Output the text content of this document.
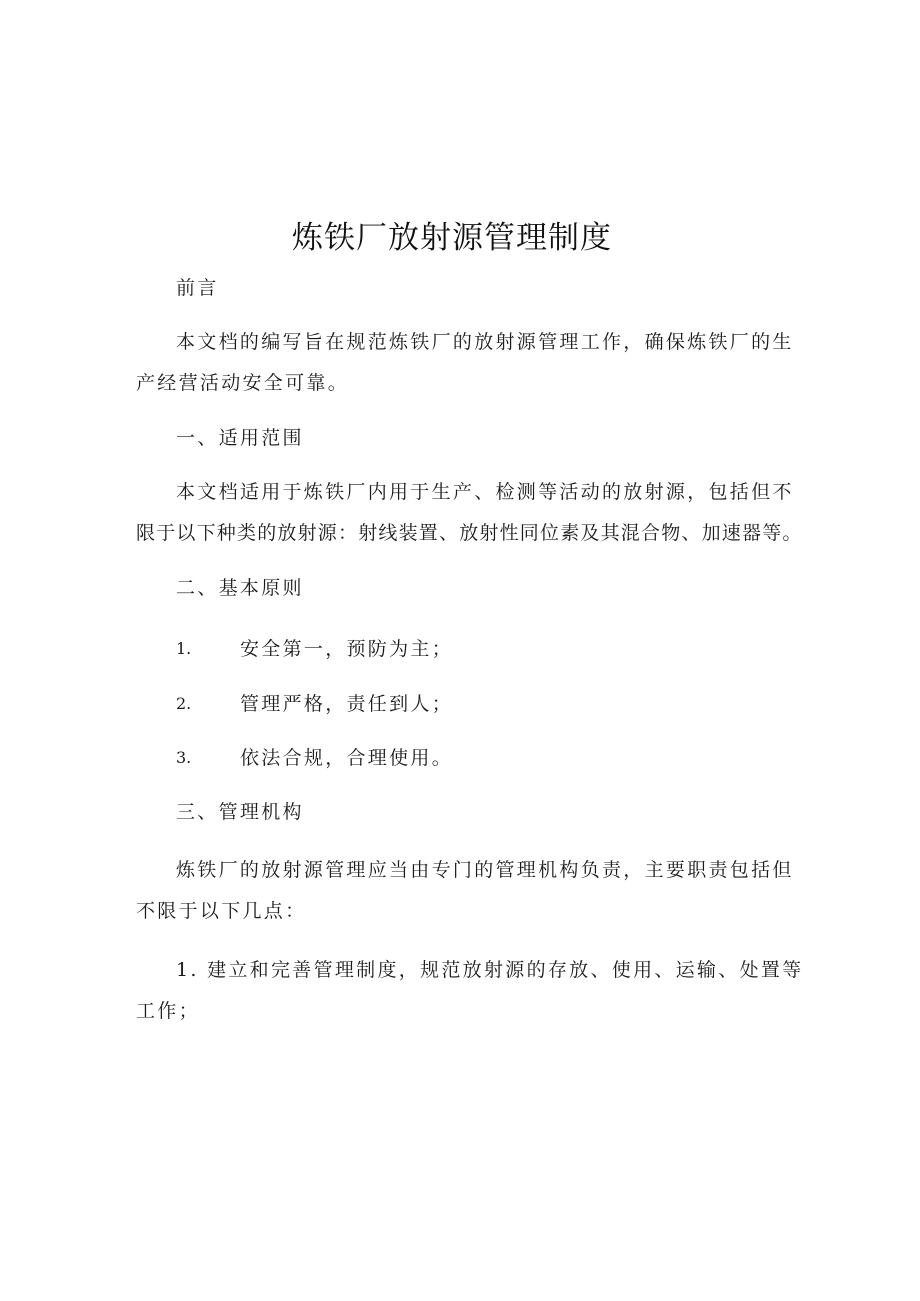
炼铁厂放射源管理制度
前言
本文档的编写旨在规范炼铁厂的放射源管理工作，确保炼铁厂的生
产经营活动安全可靠。
一、适用范围
本文档适用于炼铁厂内用于生产、检测等活动的放射源，包括但不
限于以下种类的放射源：射线装置、放射性同位素及其混合物、加速器等。
二、基本原则
1.	安全第一，预防为主；
2.	管理严格，责任到人；
3.	依法合规，合理使用。
三、管理机构
炼铁厂的放射源管理应当由专门的管理机构负责，主要职责包括但
不限于以下几点：
1. 建立和完善管理制度，规范放射源的存放、使用、运输、处置等
工作；
